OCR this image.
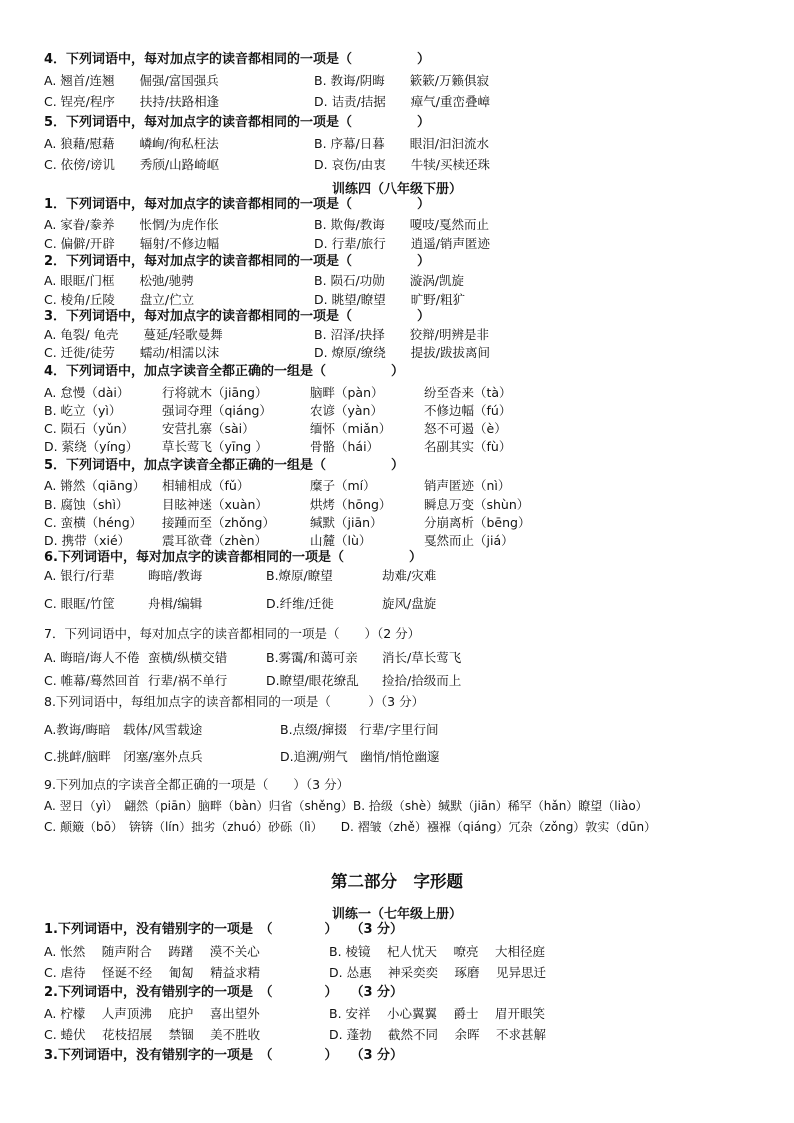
4．下列词语中，每对加点字的读音都相同的一项是（　　　　　）
A. 翘首/连翘　　倔强/富国强兵	B. 教诲/阴晦　　簌簌/万籁俱寂
C. 锃亮/程序　　扶持/扶路相逢	D. 诘责/拮据　　瘴气/重峦叠嶂
5．下列词语中，每对加点字的读音都相同的一项是（　　　　　）
A. 狼藉/慰藉　　嶙峋/徇私枉法	B. 序幕/日暮　　眼泪/汩汩流水
C. 依傍/谤讥　　秀颀/山路崎岖	D. 哀伤/由衷　　牛犊/买椟还珠
训练四（八年级下册）
1．下列词语中，每对加点字的读音都相同的一项是（　　　　　）
A. 家眷/豢养　　怅惘/为虎作伥	B. 欺侮/教诲　　嗄吱/戛然而止
C. 偏僻/开辟　　辐射/不修边幅	D. 行辈/旅行　　逍遥/销声匿迹
2．下列词语中，每对加点字的读音都相同的一项是（　　　　　）
A. 眼眶/门框　　松弛/驰骋	B. 陨石/功勋　　漩涡/凯旋
C. 棱角/丘陵　　盘立/伫立	D. 眺望/瞭望　　旷野/粗犷
3．下列词语中，每对加点字的读音都相同的一项是（　　　　　）
A. 龟裂/ 龟壳　　蔓延/轻歌曼舞	B. 沼泽/抉择　　狡辩/明辨是非
C. 迁徙/徒劳　　蠕动/相濡以沫	D. 燎原/缭绕　　提拔/跋拔离间
4．下列词语中，加点字读音全都正确的一组是（　　　　　）
A. 怠慢（dài）	行将就木（jiāng）	脑畔（pàn）	纷至沓来（tà）
B. 屹立（yì）	强词夺理（qiáng）	农谚（yàn）	不修边幅（fú）
C. 陨石（yǔn） 安营扎寨（sài）	缅怀（miǎn）	怒不可遏（è）
D. 萦绕（yíng） 草长莺飞（yīng ）	骨骼（hái）	名副其实（fù）
5．下列词语中，加点字读音全都正确的一组是（　　　　　）
A. 锵然（qiāng） 相辅相成（fǔ）	糜子（mí）	销声匿迹（nì）
B. 腐蚀（shì）	目眩神迷（xuàn）	烘烤（hōng）	瞬息万变（shùn）
C. 蛮横（héng） 接踵而至（zhǒng）	缄默（jiān）	分崩离析（bēng）
D. 携带（xié）	震耳欲聋（zhèn）	山麓（lù）	戛然而止（jiá）
6.下列词语中，每对加点字的读音都相同的一项是（　　　　　）
A. 银行/行辈	晦暗/教诲	B.燎原/瞭望	劫难/灾难
C. 眼眶/竹筐	舟楫/编辑	D.纤维/迁徙	旋风/盘旋
7．下列词语中，每对加点字的读音都相同的一项是（　　）（2 分）
A. 晦暗/诲人不倦 蛮横/纵横交错	B.雾霭/和蔼可亲 消长/草长莺飞
C. 帷幕/蓦然回首 行辈/祸不单行	D.瞭望/眼花缭乱 捡拾/拾级而上
8.下列词语中，每组加点字的读音都相同的一项是（　　　）（3 分）
A.教诲/晦暗　载体/风雪载途	B.点缀/撺掇　行辈/字里行间
C.挑衅/脑畔　闭塞/塞外点兵	D.追溯/朔气　幽悄/悄怆幽邃
9.下列加点的字读音全都正确的一项是（　　）（3 分）
A. 翌日（yì）　翩然（piān）脑畔（bàn）归省（shěng）B. 拾级（shè）缄默（jiān）稀罕（hǎn）瞭望（liào）
C. 颠簸（bō）　锛锛（lín）拙劣（zhuó）砂砾（lì）　　D. 褶皱（zhě）襁褓（qiáng）冗杂（zǒng）敦实（dūn）
第二部分　字形题
训练一（七年级上册）
1.下列词语中，没有错别字的一项是　（　　　　）　　（3 分）
A. 怅然　 随声附合　 踌躇　 漠不关心	B. 棱镜　 杞人忧天　 嘹亮　 大相径庭
C. 虐待　 怪诞不经　 匍匐　 精益求精	D. 怂惠　 神采奕奕　 琢磨　 见异思迁
2.下列词语中，没有错别字的一项是　（　　　　）　　（3 分）
A. 柠檬　 人声顶沸　 庇护　 喜出望外	B. 安祥　 小心翼翼　 爵士　 眉开眼笑
C. 蜷伏　 花枝招展　 禁锢　 美不胜收	D. 蓬勃　 截然不同　 余晖　 不求甚解
3.下列词语中，没有错别字的一项是　（　　　　）　　（3 分）
